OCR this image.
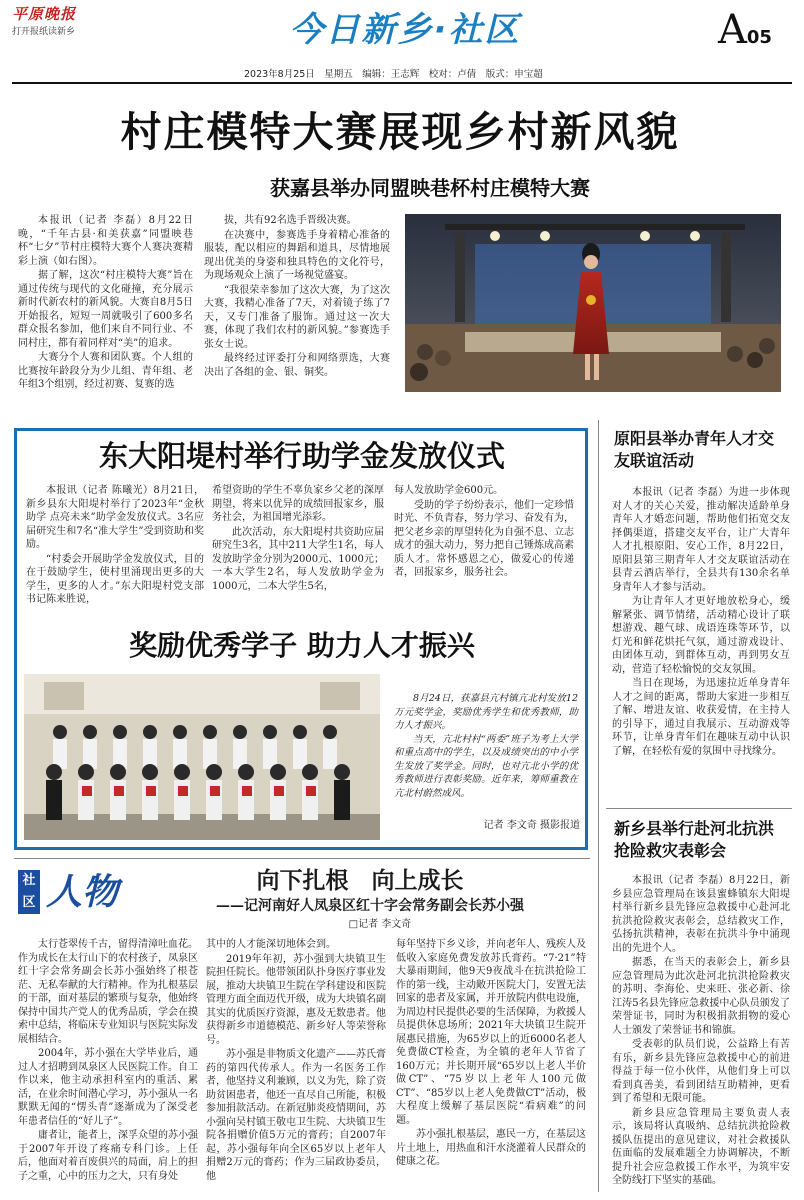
平原晚报
打开报纸读新乡	今日新乡·社区	A05
2023年8月25日　星期五　编辑：王志辉　校对：卢倩　版式：申宝超
村庄模特大赛展现乡村新风貌
获嘉县举办同盟映巷杯村庄模特大赛

本报讯（记者 李磊）8月22日晚，“千年古县·和美获嘉”同盟映巷杯“七夕”节村庄模特大赛个人赛决赛精彩上演（如右图）。

据了解，这次“村庄模特大赛”旨在通过传统与现代的文化碰撞，充分展示新时代新农村的新风貌。大赛自8月5日开始报名，短短一周就吸引了600多名群众报名参加，他们来自不同行业、不同村庄，都有着同样对“美”的追求。

大赛分个人赛和团队赛。个人组的比赛按年龄段分为少儿组、青年组、老年组3个组别，经过初赛、复赛的选

拔，共有92名选手晋级决赛。

在决赛中，参赛选手身着精心准备的服装，配以相应的舞蹈和道具，尽情地展现出优美的身姿和独具特色的文化符号，为现场观众上演了一场视觉盛宴。

“我很荣幸参加了这次大赛，为了这次大赛，我精心准备了7天，对着镜子练了7天，又专门准备了服饰。通过这一次大赛，体现了我们农村的新风貌。”参赛选手张女士说。

最终经过评委打分和网络票选，大赛决出了各组的金、银、铜奖。

东大阳堤村举行助学金发放仪式

本报讯（记者 陈曦光）8月21日，新乡县东大阳堤村举行了2023年“金秋助学 点亮未来”助学金发放仪式。3名应届研究生和7名“准大学生”受到资助和奖励。

“村委会开展助学金发放仪式，目的在于鼓励学生，使村里涌现出更多的大学生，更多的人才。”东大阳堤村党支部书记陈来胜说，

希望资助的学生不辜负家乡父老的深厚期望，将来以优异的成绩回报家乡，服务社会，为祖国增光添彩。

此次活动，东大阳堤村共资助应届研究生3名，其中211大学生1名，每人发放助学金分别为2000元、1000元；一本大学生2名，每人发放助学金为1000元，二本大学生5名，

每人发放助学金600元。

受助的学子纷纷表示，他们一定珍惜时光、不负青春，努力学习、奋发有为，把父老乡亲的厚望转化为自强不息、立志成才的强大动力，努力把自己锤炼成高素质人才。常怀感恩之心，做爱心的传递者，回报家乡，服务社会。

奖励优秀学子 助力人才振兴

8月24日，获嘉县亢村镇亢北村发放12万元奖学金，奖励优秀学生和优秀教师，助力人才振兴。

当天，亢北村村“两委”班子为考上大学和重点高中的学生，以及成绩突出的中小学生发放了奖学金。同时，也对亢北小学的优秀教师进行表彰奖励。近年来，筹师重教在亢北村蔚然成风。

记者 李文奇 摄影报道
原阳县举办青年人才交友联谊活动

本报讯（记者 李磊）为进一步体现对人才的关心关爱，推动解决适龄单身青年人才婚恋问题，帮助他们拓宽交友择偶渠道，搭建交友平台，让广大青年人才扎根原阳、安心工作，8月22日，原阳县第三期青年人才交友联谊活动在县青云酒店举行，全县共有130余名单身青年人才参与活动。

为让青年人才更好地放松身心，缓解紧张、调节情绪，活动精心设计了联想游戏、趣气球、成语连珠等环节，以灯光和鲜花烘托气氛，通过游戏设计、由团体互动，到群体互动，再到男女互动，营造了轻松愉悦的交友氛围。

当日在现场，为迅速拉近单身青年人才之间的距离，帮助大家进一步相互了解、增进友谊、收获爱情，在主持人的引导下，通过自我展示、互动游戏等环节，让单身青年们在趣味互动中认识了解，在轻松有爱的氛围中寻找缘分。

新乡县举行赴河北抗洪抢险救灾表彰会

本报讯（记者 李磊）8月22日，新乡县应急管理局在该县蜜蜂镇东大阳堤村举行新乡县先锋应急救援中心赴河北抗洪抢险救灾表彰会，总结救灾工作，弘扬抗洪精神，表彰在抗洪斗争中涌现出的先进个人。

据悉，在当天的表彰会上，新乡县应急管理局为此次赴河北抗洪抢险救灾的苏明、李海伦、史来旺、张必新、徐江涛5名县先锋应急救援中心队员颁发了荣誉证书，同时为积极捐款捐物的爱心人士颁发了荣誉证书和锦旗。

受表彰的队员们说，公益路上有苦有乐，新乡县先锋应急救援中心的前进得益于每一位小伙伴，从他们身上可以看到真善美，看到团结互助精神，更看到了希望和无限可能。

新乡县应急管理局主要负责人表示，该局将认真吸纳、总结抗洪抢险救援队伍提出的意见建议，对社会救援队伍面临的发展难题全力协调解决，不断提升社会应急救援工作水平，为筑牢安全防线打下坚实的基础。

社
区 人物	向下扎根　向上成长
——记河南好人凤泉区红十字会常务副会长苏小强
□记者 李文奇

太行苍翠传千古，留得清漳吐血花。作为成长在太行山下的农村孩子，凤泉区红十字会常务副会长苏小强始终了根苍茫、无私奉献的大行精神。作为扎根基层的干部，面对基层的繁琐与复杂，他始终保持中国共产党人的优秀品质，学会在摸索中总结，将临床专业知识与医院实际发展相结合。

2004年，苏小强在大学毕业后，通过人才招聘到凤泉区人民医院工作。自工作以来，他主动承担科室内的重活、累活，在业余时间潜心学习，苏小强从一名默默无闻的“愣头青”逐渐成为了深受老年患者信任的“好儿子”。

庸者让，能者上，深孚众望的苏小强于2007年开设了疼痛专科门诊。上任后，他面对着百废俱兴的局面，肩上的担子之重，心中的压力之大，只有身处

其中的人才能深切地体会到。

2019年年初，苏小强到大块镇卫生院担任院长。他带领团队扑身医疗事业发展，推动大块镇卫生院在学科建设和医院管理方面全面迈代开级，成为大块镇名副其实的优质医疗资源，惠及无数患者。他获得新乡市道德模范、新乡好人等荣誉称号。

苏小强是非物质文化遗产——苏氏膏药的第四代传承人。作为一名医务工作者，他坚持义利兼顾，以义为先，除了资助贫困患者，他还一直尽自己所能，积极参加捐款活动。在新冠肺炎疫情期间，苏小强向吴村镇王敬屯卫生院、大块镇卫生院各捐赠价值5万元的膏药；自2007年起，苏小强每年向全区65岁以上老年人捐赠2万元的膏药；作为三届政协委员，他

每年坚持下乡义诊，并向老年人、残疾人及低收入家庭免费发放苏氏膏药。“7·21”特大暴雨期间，他9天9夜战斗在抗洪抢险工作的第一线，主动敞开医院大门，安置无法回家的患者及家属，并开放院内供电设施，为周边村民提供必要的生活保障，为救援人员提供休息场所；2021年大块镇卫生院开展惠民措施，为65岁以上的近6000名老人免费做CT检查，为全镇的老年人节省了160万元；并长期开展“65岁以上老人半价做CT”、“75岁以上老年人100元做CT”、“85岁以上老人免费做CT”活动，极大程度上缓解了基层医院“看病难”的问题。

苏小强扎根基层，惠民一方，在基层这片土地上，用热血和汗水浇灌着人民群众的健康之花。
